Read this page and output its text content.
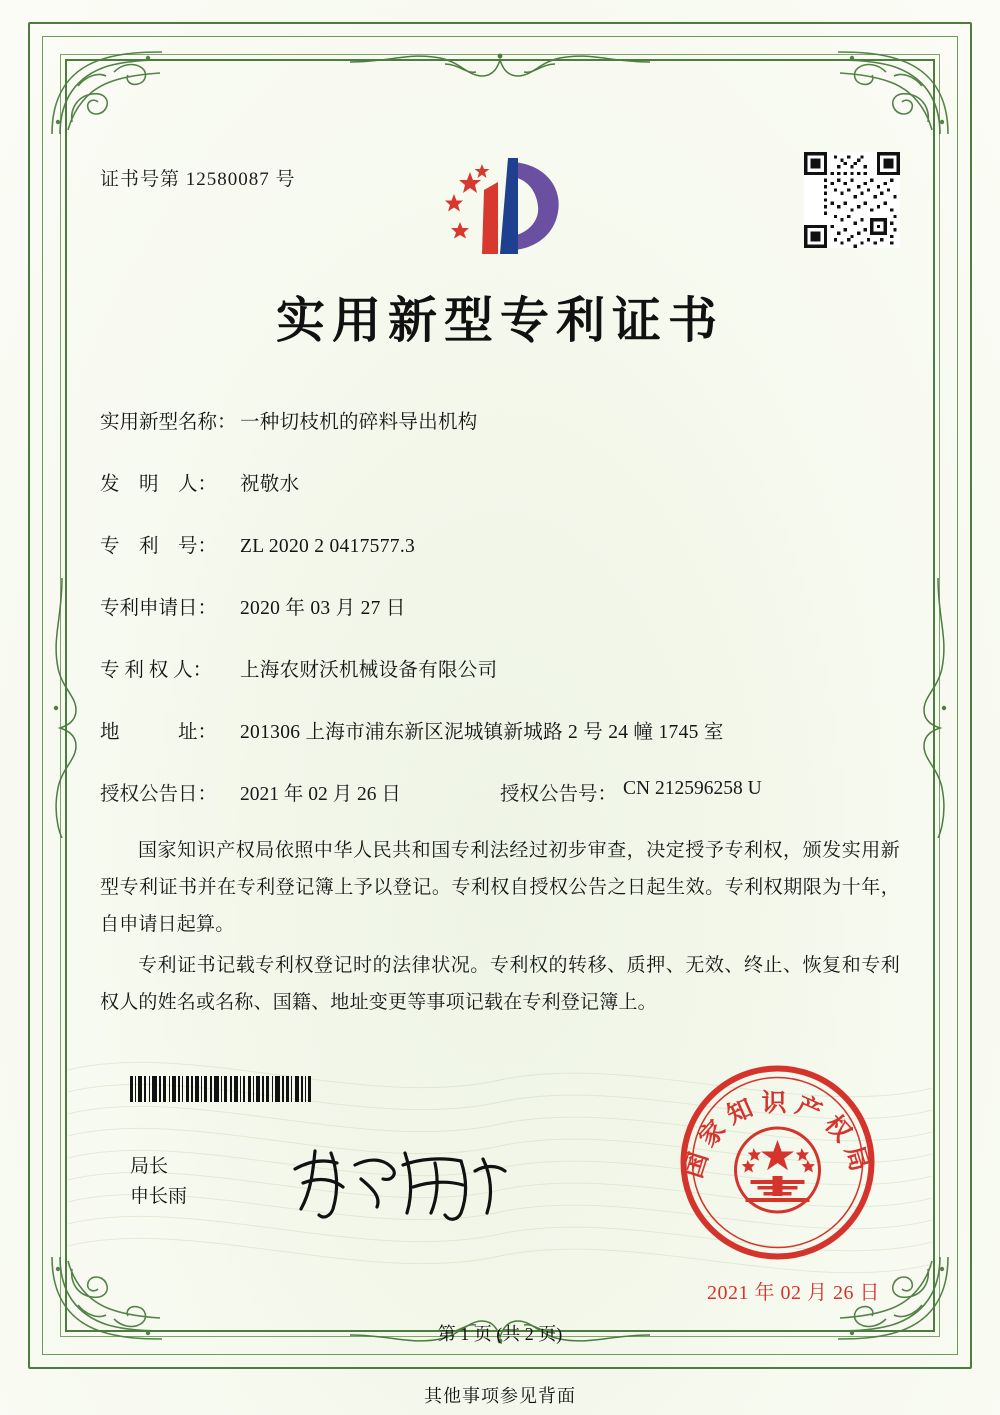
证书号第 12580087 号
实用新型专利证书
实用新型名称： 一种切枝机的碎料导出机构
发　明　人：	祝敬水
专　利　号：	ZL 2020 2 0417577.3
专利申请日：	2020 年 03 月 27 日
专 利 权 人：	上海农财沃机械设备有限公司
地　　　址：	201306 上海市浦东新区泥城镇新城路 2 号 24 幢 1745 室
授权公告日：	2021 年 02 月 26 日	授权公告号： CN 212596258 U

国家知识产权局依照中华人民共和国专利法经过初步审查，决定授予专利权，颁发实用新型专利证书并在专利登记簿上予以登记。专利权自授权公告之日起生效。专利权期限为十年，自申请日起算。

专利证书记载专利权登记时的法律状况。专利权的转移、质押、无效、终止、恢复和专利权人的姓名或名称、国籍、地址变更等事项记载在专利登记簿上。

局长
申长雨
国家知识产权局
2021 年 02 月 26 日
第 1 页 (共 2 页)
其他事项参见背面
